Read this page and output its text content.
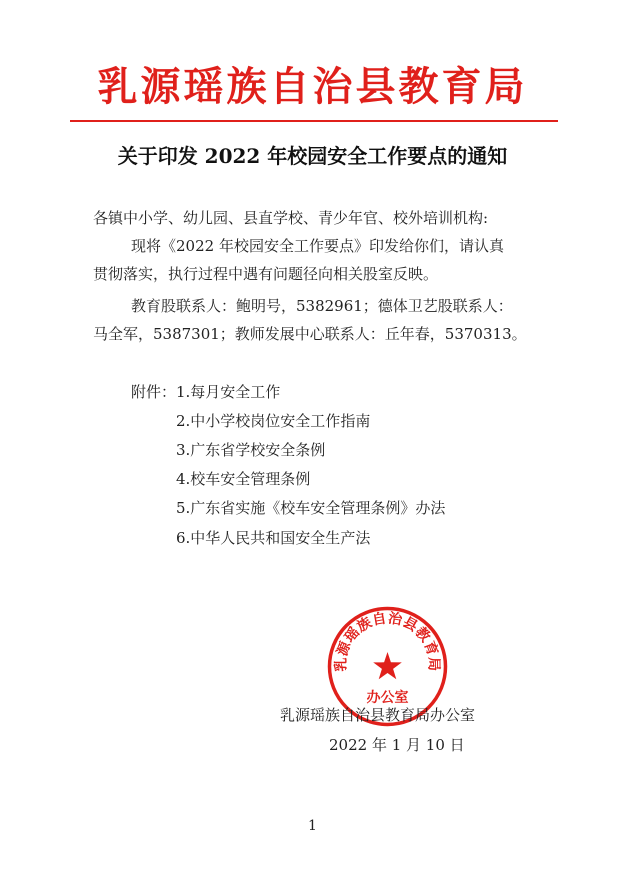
乳源瑶族自治县教育局
关于印发 2022 年校园安全工作要点的通知
各镇中小学、幼儿园、县直学校、青少年官、校外培训机构:
现将《2022 年校园安全工作要点》印发给你们，请认真
贯彻落实，执行过程中遇有问题径向相关股室反映。
教育股联系人：鲍明号，5382961；德体卫艺股联系人：
马全军，5387301；教师发展中心联系人：丘年春，5370313。
附件： 1.每月安全工作
2.中小学校岗位安全工作指南
3.广东省学校安全条例
4.校车安全管理条例
5.广东省实施《校车安全管理条例》办法
6.中华人民共和国安全生产法
乳源瑶族自治县教育局
办公室
乳源瑶族自治县教育局办公室
2022 年 1 月 10 日
1
